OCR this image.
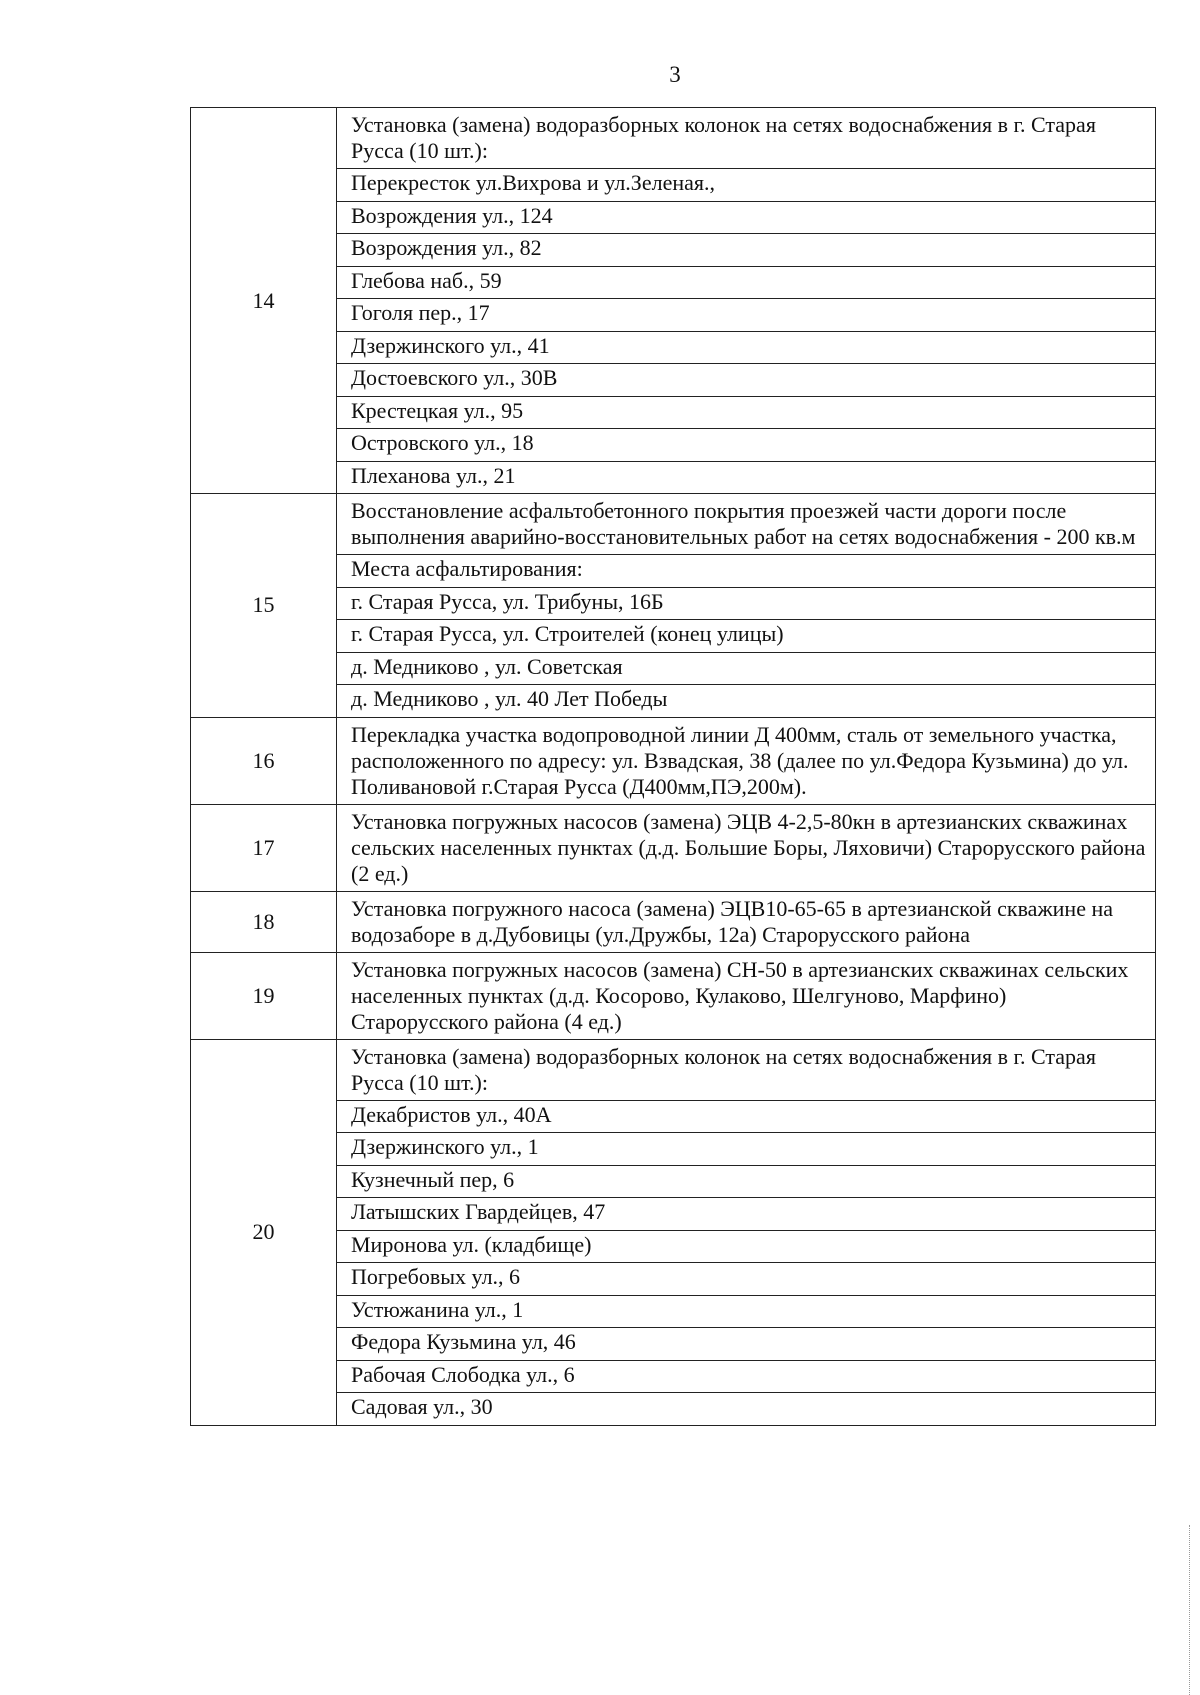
3
14	Установка (замена) водоразборных колонок на сетях водоснабжения в г. Старая Русса (10 шт.):
	Перекресток ул.Вихрова и ул.Зеленая.,
	Возрождения ул., 124
	Возрождения ул., 82
	Глебова наб., 59
	Гоголя пер., 17
	Дзержинского ул., 41
	Достоевского ул., 30В
	Крестецкая ул., 95
	Островского ул., 18
	Плеханова ул., 21
15	Восстановление асфальтобетонного покрытия проезжей части дороги после выполнения аварийно-восстановительных работ на сетях водоснабжения - 200 кв.м
	Места асфальтирования:
	г. Старая Русса, ул. Трибуны, 16Б
	г. Старая Русса, ул. Строителей (конец улицы)
	д. Медниково , ул. Советская
	д. Медниково , ул. 40 Лет Победы
16	Перекладка участка водопроводной линии Д 400мм, сталь от земельного участка, расположенного по адресу: ул. Взвадская, 38 (далее по ул.Федора Кузьмина) до ул. Поливановой г.Старая Русса (Д400мм,ПЭ,200м).
17	Установка погружных насосов (замена) ЭЦВ 4-2,5-80кн в артезианских скважинах сельских населенных пунктах (д.д. Большие Боры, Ляховичи) Старорусского района (2 ед.)
18	Установка погружного насоса (замена) ЭЦВ10-65-65 в артезианской скважине на водозаборе в д.Дубовицы (ул.Дружбы, 12а) Старорусского района
19	Установка погружных насосов (замена) СН-50 в артезианских скважинах сельских населенных пунктах (д.д. Косорово, Кулаково, Шелгуново, Марфино) Старорусского района (4 ед.)
20	Установка (замена) водоразборных колонок на сетях водоснабжения в г. Старая Русса (10 шт.):
	Декабристов ул., 40А
	Дзержинского ул., 1
	Кузнечный пер, 6
	Латышских Гвардейцев, 47
	Миронова ул. (кладбище)
	Погребовых ул., 6
	Устюжанина ул., 1
	Федора Кузьмина ул, 46
	Рабочая Слободка ул., 6
	Садовая ул., 30
